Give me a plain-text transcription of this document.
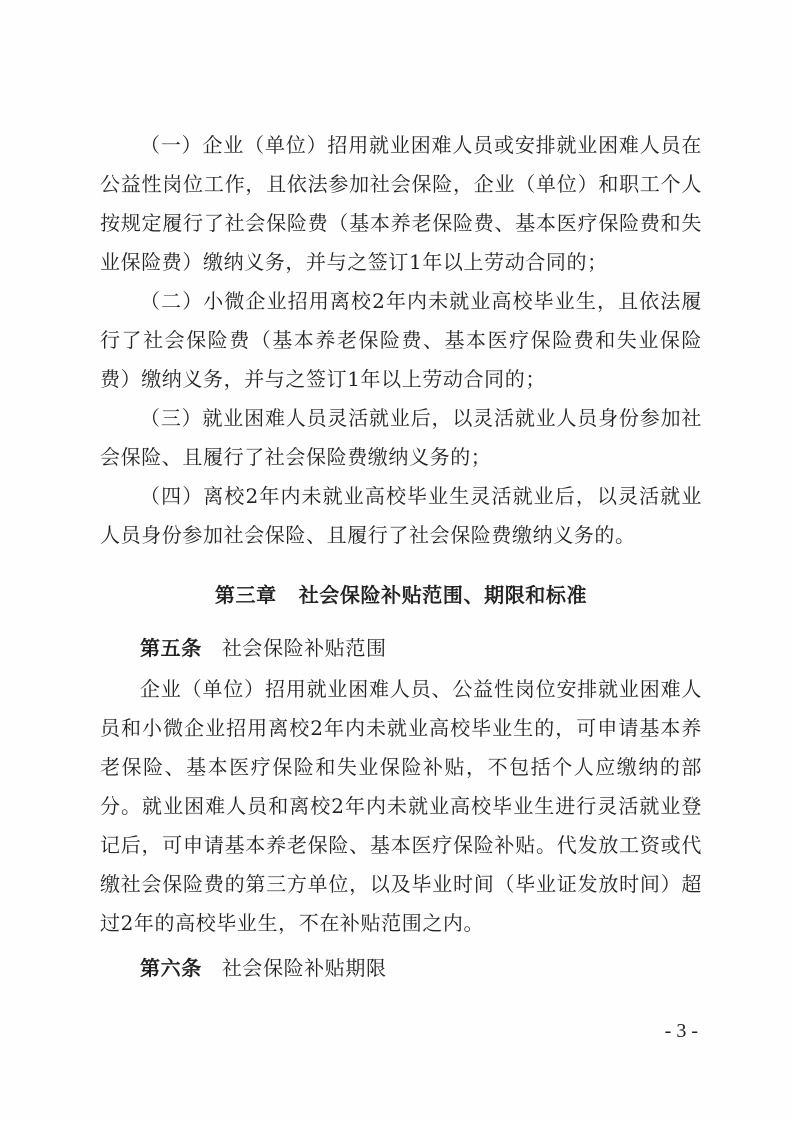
（一）企业（单位）招用就业困难人员或安排就业困难人员在公益性岗位工作，且依法参加社会保险，企业（单位）和职工个人按规定履行了社会保险费（基本养老保险费、基本医疗保险费和失业保险费）缴纳义务，并与之签订1年以上劳动合同的；

（二）小微企业招用离校2年内未就业高校毕业生，且依法履行了社会保险费（基本养老保险费、基本医疗保险费和失业保险费）缴纳义务，并与之签订1年以上劳动合同的；

（三）就业困难人员灵活就业后，以灵活就业人员身份参加社会保险、且履行了社会保险费缴纳义务的；

（四）离校2年内未就业高校毕业生灵活就业后，以灵活就业人员身份参加社会保险、且履行了社会保险费缴纳义务的。

第三章 社会保险补贴范围、期限和标准
第五条 社会保险补贴范围

企业（单位）招用就业困难人员、公益性岗位安排就业困难人员和小微企业招用离校2年内未就业高校毕业生的，可申请基本养老保险、基本医疗保险和失业保险补贴，不包括个人应缴纳的部分。就业困难人员和离校2年内未就业高校毕业生进行灵活就业登记后，可申请基本养老保险、基本医疗保险补贴。代发放工资或代缴社会保险费的第三方单位，以及毕业时间（毕业证发放时间）超过2年的高校毕业生，不在补贴范围之内。

第六条 社会保险补贴期限
- 3 -
